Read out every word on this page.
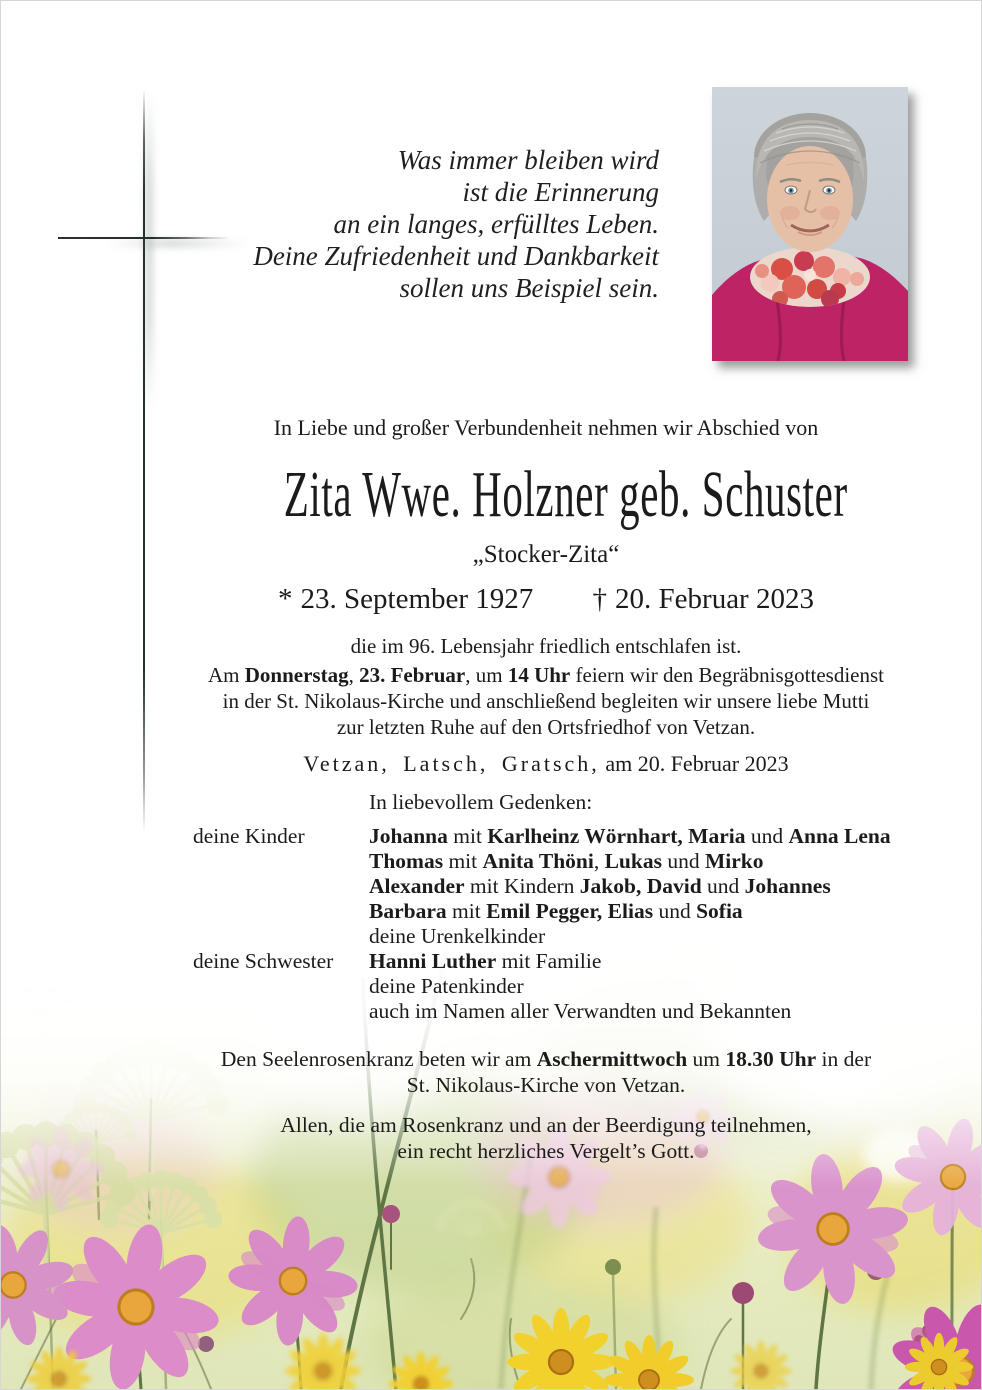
Was immer bleiben wird
ist die Erinnerung
an ein langes, erfülltes Leben.
Deine Zufriedenheit und Dankbarkeit
sollen uns Beispiel sein.
In Liebe und großer Verbundenheit nehmen wir Abschied von
Zita Wwe. Holzner geb. Schuster
„Stocker-Zita“
* 23. September 1927 † 20. Februar 2023
die im 96. Lebensjahr friedlich entschlafen ist.
Am Donnerstag, 23. Februar, um 14 Uhr feiern wir den Begräbnisgottesdienst
in der St. Nikolaus-Kirche und anschließend begleiten wir unsere liebe Mutti
zur letzten Ruhe auf den Ortsfriedhof von Vetzan.
Vetzan, Latsch, Gratsch, am 20. Februar 2023
In liebevollem Gedenken:
deine Kinder	Johanna mit Karlheinz Wörnhart, Maria und Anna Lena
Thomas mit Anita Thöni, Lukas und Mirko
Alexander mit Kindern Jakob, David und Johannes
Barbara mit Emil Pegger, Elias und Sofia
deine Urenkelkinder
deine Schwester Hanni Luther mit Familie
deine Patenkinder
auch im Namen aller Verwandten und Bekannten
Den Seelenrosenkranz beten wir am Aschermittwoch um 18.30 Uhr in der
St. Nikolaus-Kirche von Vetzan.
Allen, die am Rosenkranz und an der Beerdigung teilnehmen,
ein recht herzliches Vergelt’s Gott.
